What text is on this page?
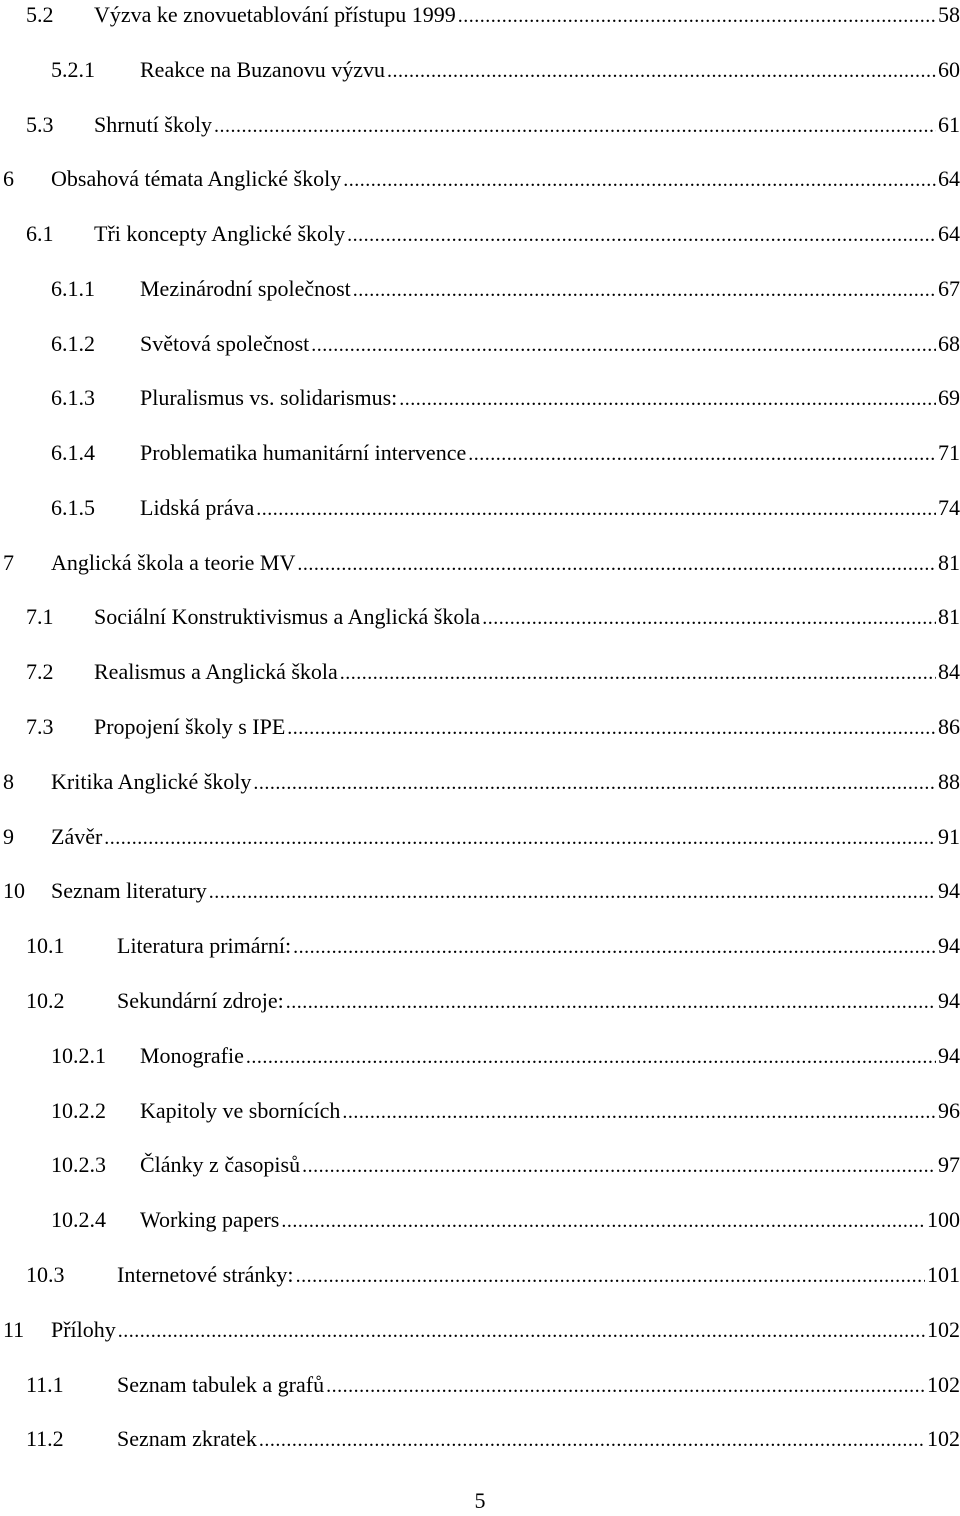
5.2 Výzva ke znovuetablování přístupu 1999 .....	58
5.2.1 Reakce na Buzanovu výzvu .....	60
5.3 Shrnutí školy .....	61
6 Obsahová témata Anglické školy .....	64
6.1 Tři koncepty Anglické školy .....	64
6.1.1 Mezinárodní společnost .....	67
6.1.2 Světová společnost .....	68
6.1.3 Pluralismus vs. solidarismus: .....	69
6.1.4 Problematika humanitární intervence .....	71
6.1.5 Lidská práva .....	74
7 Anglická škola a teorie MV .....	81
7.1 Sociální Konstruktivismus a Anglická škola .....	81
7.2 Realismus a Anglická škola .....	84
7.3 Propojení školy s IPE .....	86
8 Kritika Anglické školy .....	88
9 Závěr .....	91
10 Seznam literatury .....	94
10.1 Literatura primární: .....	94
10.2 Sekundární zdroje: .....	94
10.2.1 Monografie .....	94
10.2.2 Kapitoly ve sbornících .....	96
10.2.3 Články z časopisů .....	97
10.2.4 Working papers .....	100
10.3 Internetové stránky: .....	101
11 Přílohy .....	102
11.1 Seznam tabulek a grafů .....	102
11.2 Seznam zkratek .....	102
5
